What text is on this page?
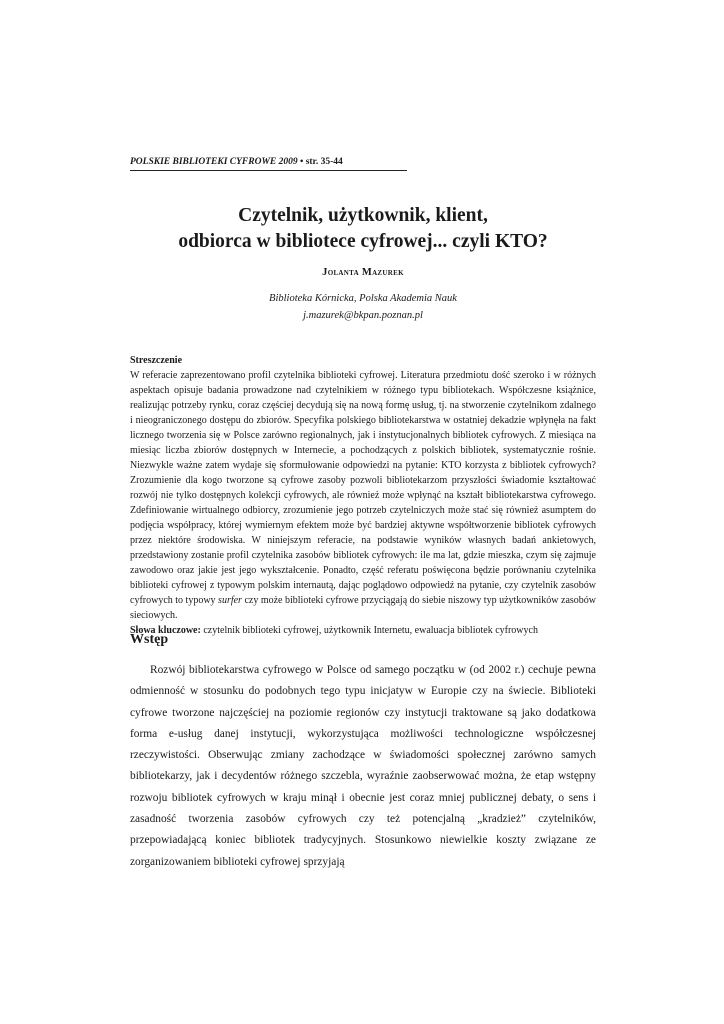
POLSKIE BIBLIOTEKI CYFROWE 2009 • str. 35-44
Czytelnik, użytkownik, klient,
odbiorca w bibliotece cyfrowej... czyli KTO?
Jolanta Mazurek
Biblioteka Kórnicka, Polska Akademia Nauk
j.mazurek@bkpan.poznan.pl
Streszczenie

W referacie zaprezentowano profil czytelnika biblioteki cyfrowej. Literatura przedmiotu dość szeroko i w różnych aspektach opisuje badania prowadzone nad czytelnikiem w różnego typu bibliotekach. Współczesne książnice, realizując potrzeby rynku, coraz częściej decydują się na nową formę usług, tj. na stworzenie czytelnikom zdalnego i nieograniczonego dostępu do zbiorów. Specyfika polskiego bibliotekarstwa w ostatniej dekadzie wpłynęła na fakt licznego tworzenia się w Polsce zarówno regionalnych, jak i instytucjonalnych bibliotek cyfrowych. Z miesiąca na miesiąc liczba zbiorów dostępnych w Internecie, a pochodzących z polskich bibliotek, systematycznie rośnie. Niezwykle ważne zatem wydaje się sformułowanie odpowiedzi na pytanie: KTO korzysta z bibliotek cyfrowych? Zrozumienie dla kogo tworzone są cyfrowe zasoby pozwoli bibliotekarzom przyszłości świadomie kształtować rozwój nie tylko dostępnych kolekcji cyfrowych, ale również może wpłynąć na kształt bibliotekarstwa cyfrowego. Zdefiniowanie wirtualnego odbiorcy, zrozumienie jego potrzeb czytelniczych może stać się również asumptem do podjęcia współpracy, której wymiernym efektem może być bardziej aktywne współtworzenie bibliotek cyfrowych przez niektóre środowiska. W niniejszym referacie, na podstawie wyników własnych badań ankietowych, przedstawiony zostanie profil czytelnika zasobów bibliotek cyfrowych: ile ma lat, gdzie mieszka, czym się zajmuje zawodowo oraz jakie jest jego wykształcenie. Ponadto, część referatu poświęcona będzie porównaniu czytelnika biblioteki cyfrowej z typowym polskim internautą, dając poglądowo odpowiedź na pytanie, czy czytelnik zasobów cyfrowych to typowy surfer czy może biblioteki cyfrowe przyciągają do siebie niszowy typ użytkowników zasobów sieciowych.

Słowa kluczowe: czytelnik biblioteki cyfrowej, użytkownik Internetu, ewaluacja bibliotek cyfrowych

Wstęp

Rozwój bibliotekarstwa cyfrowego w Polsce od samego początku w (od 2002 r.) cechuje pewna odmienność w stosunku do podobnych tego typu inicjatyw w Europie czy na świecie. Biblioteki cyfrowe tworzone najczęściej na poziomie regionów czy instytucji traktowane są jako dodatkowa forma e-usług danej instytucji, wykorzystująca możliwości technologiczne współczesnej rzeczywistości. Obserwując zmiany zachodzące w świadomości społecznej zarówno samych bibliotekarzy, jak i decydentów różnego szczebla, wyraźnie zaobserwować można, że etap wstępny rozwoju bibliotek cyfrowych w kraju minął i obecnie jest coraz mniej publicznej debaty, o sens i zasadność tworzenia zasobów cyfrowych czy też potencjalną „kradzież” czytelników, przepowiadającą koniec bibliotek tradycyjnych. Stosunkowo niewielkie koszty związane ze zorganizowaniem biblioteki cyfrowej sprzyjają
